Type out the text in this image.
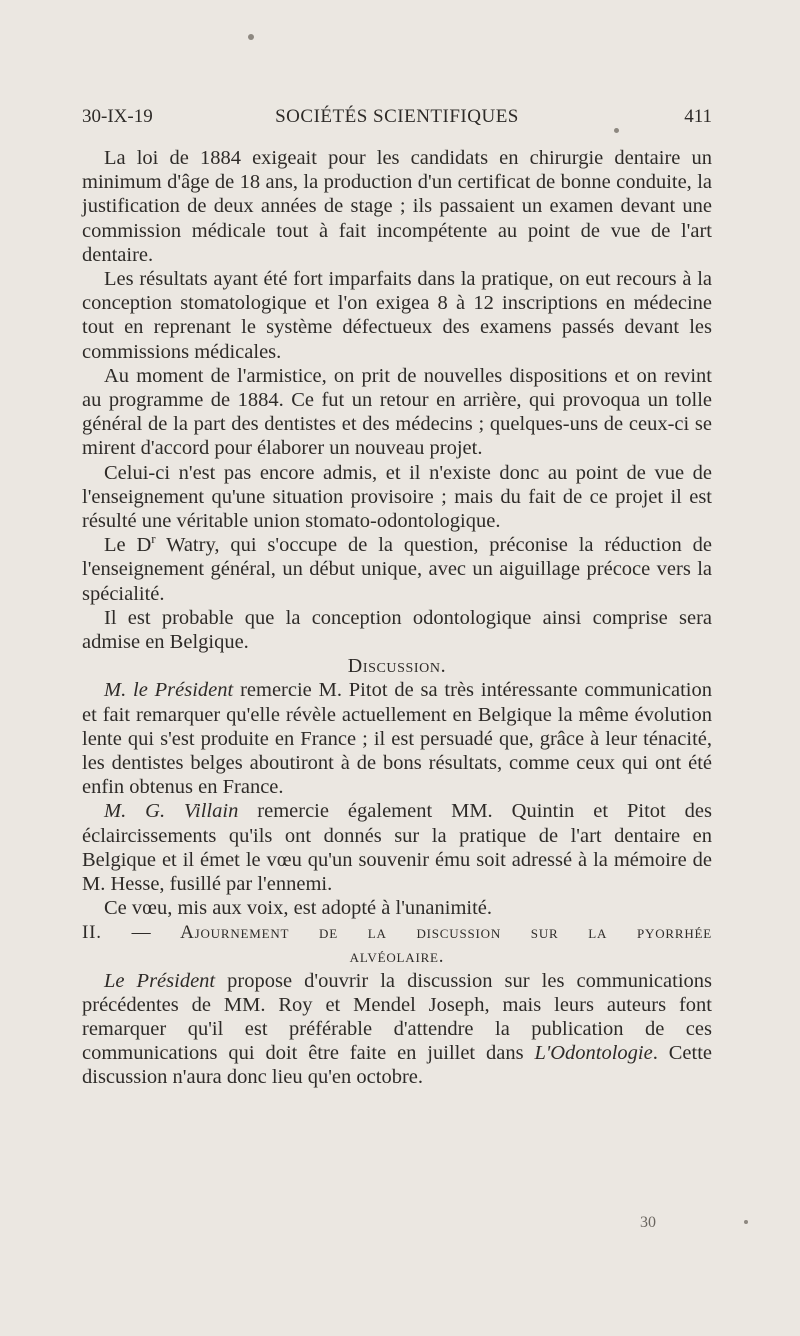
30-IX-19	SOCIÉTÉS SCIENTIFIQUES	411

La loi de 1884 exigeait pour les candidats en chirurgie dentaire un minimum d'âge de 18 ans, la production d'un certificat de bonne conduite, la justification de deux années de stage ; ils passaient un examen devant une commission médicale tout à fait incompétente au point de vue de l'art dentaire.

Les résultats ayant été fort imparfaits dans la pratique, on eut recours à la conception stomatologique et l'on exigea 8 à 12 inscriptions en médecine tout en reprenant le système défectueux des examens passés devant les commissions médicales.

Au moment de l'armistice, on prit de nouvelles dispositions et on revint au programme de 1884. Ce fut un retour en arrière, qui provoqua un tolle général de la part des dentistes et des médecins ; quelques-uns de ceux-ci se mirent d'accord pour élaborer un nouveau projet.

Celui-ci n'est pas encore admis, et il n'existe donc au point de vue de l'enseignement qu'une situation provisoire ; mais du fait de ce projet il est résulté une véritable union stomato-odontologique.

Le $D^r$ Watry, qui s'occupe de la question, préconise la réduction de l'enseignement général, un début unique, avec un aiguillage précoce vers la spécialité.

Il est probable que la conception odontologique ainsi comprise sera admise en Belgique.

Discussion.

M. le Président remercie M. Pitot de sa très intéressante communication et fait remarquer qu'elle révèle actuellement en Belgique la même évolution lente qui s'est produite en France ; il est persuadé que, grâce à leur ténacité, les dentistes belges aboutiront à de bons résultats, comme ceux qui ont été enfin obtenus en France.

M. G. Villain remercie également MM. Quintin et Pitot des éclaircissements qu'ils ont donnés sur la pratique de l'art dentaire en Belgique et il émet le vœu qu'un souvenir ému soit adressé à la mémoire de M. Hesse, fusillé par l'ennemi.

Ce vœu, mis aux voix, est adopté à l'unanimité.

II. — Ajournement de la discussion sur la pyorrhée
alvéolaire.

Le Président propose d'ouvrir la discussion sur les communications précédentes de MM. Roy et Mendel Joseph, mais leurs auteurs font remarquer qu'il est préférable d'attendre la publication de ces communications qui doit être faite en juillet dans L'Odontologie. Cette discussion n'aura donc lieu qu'en octobre.

30
